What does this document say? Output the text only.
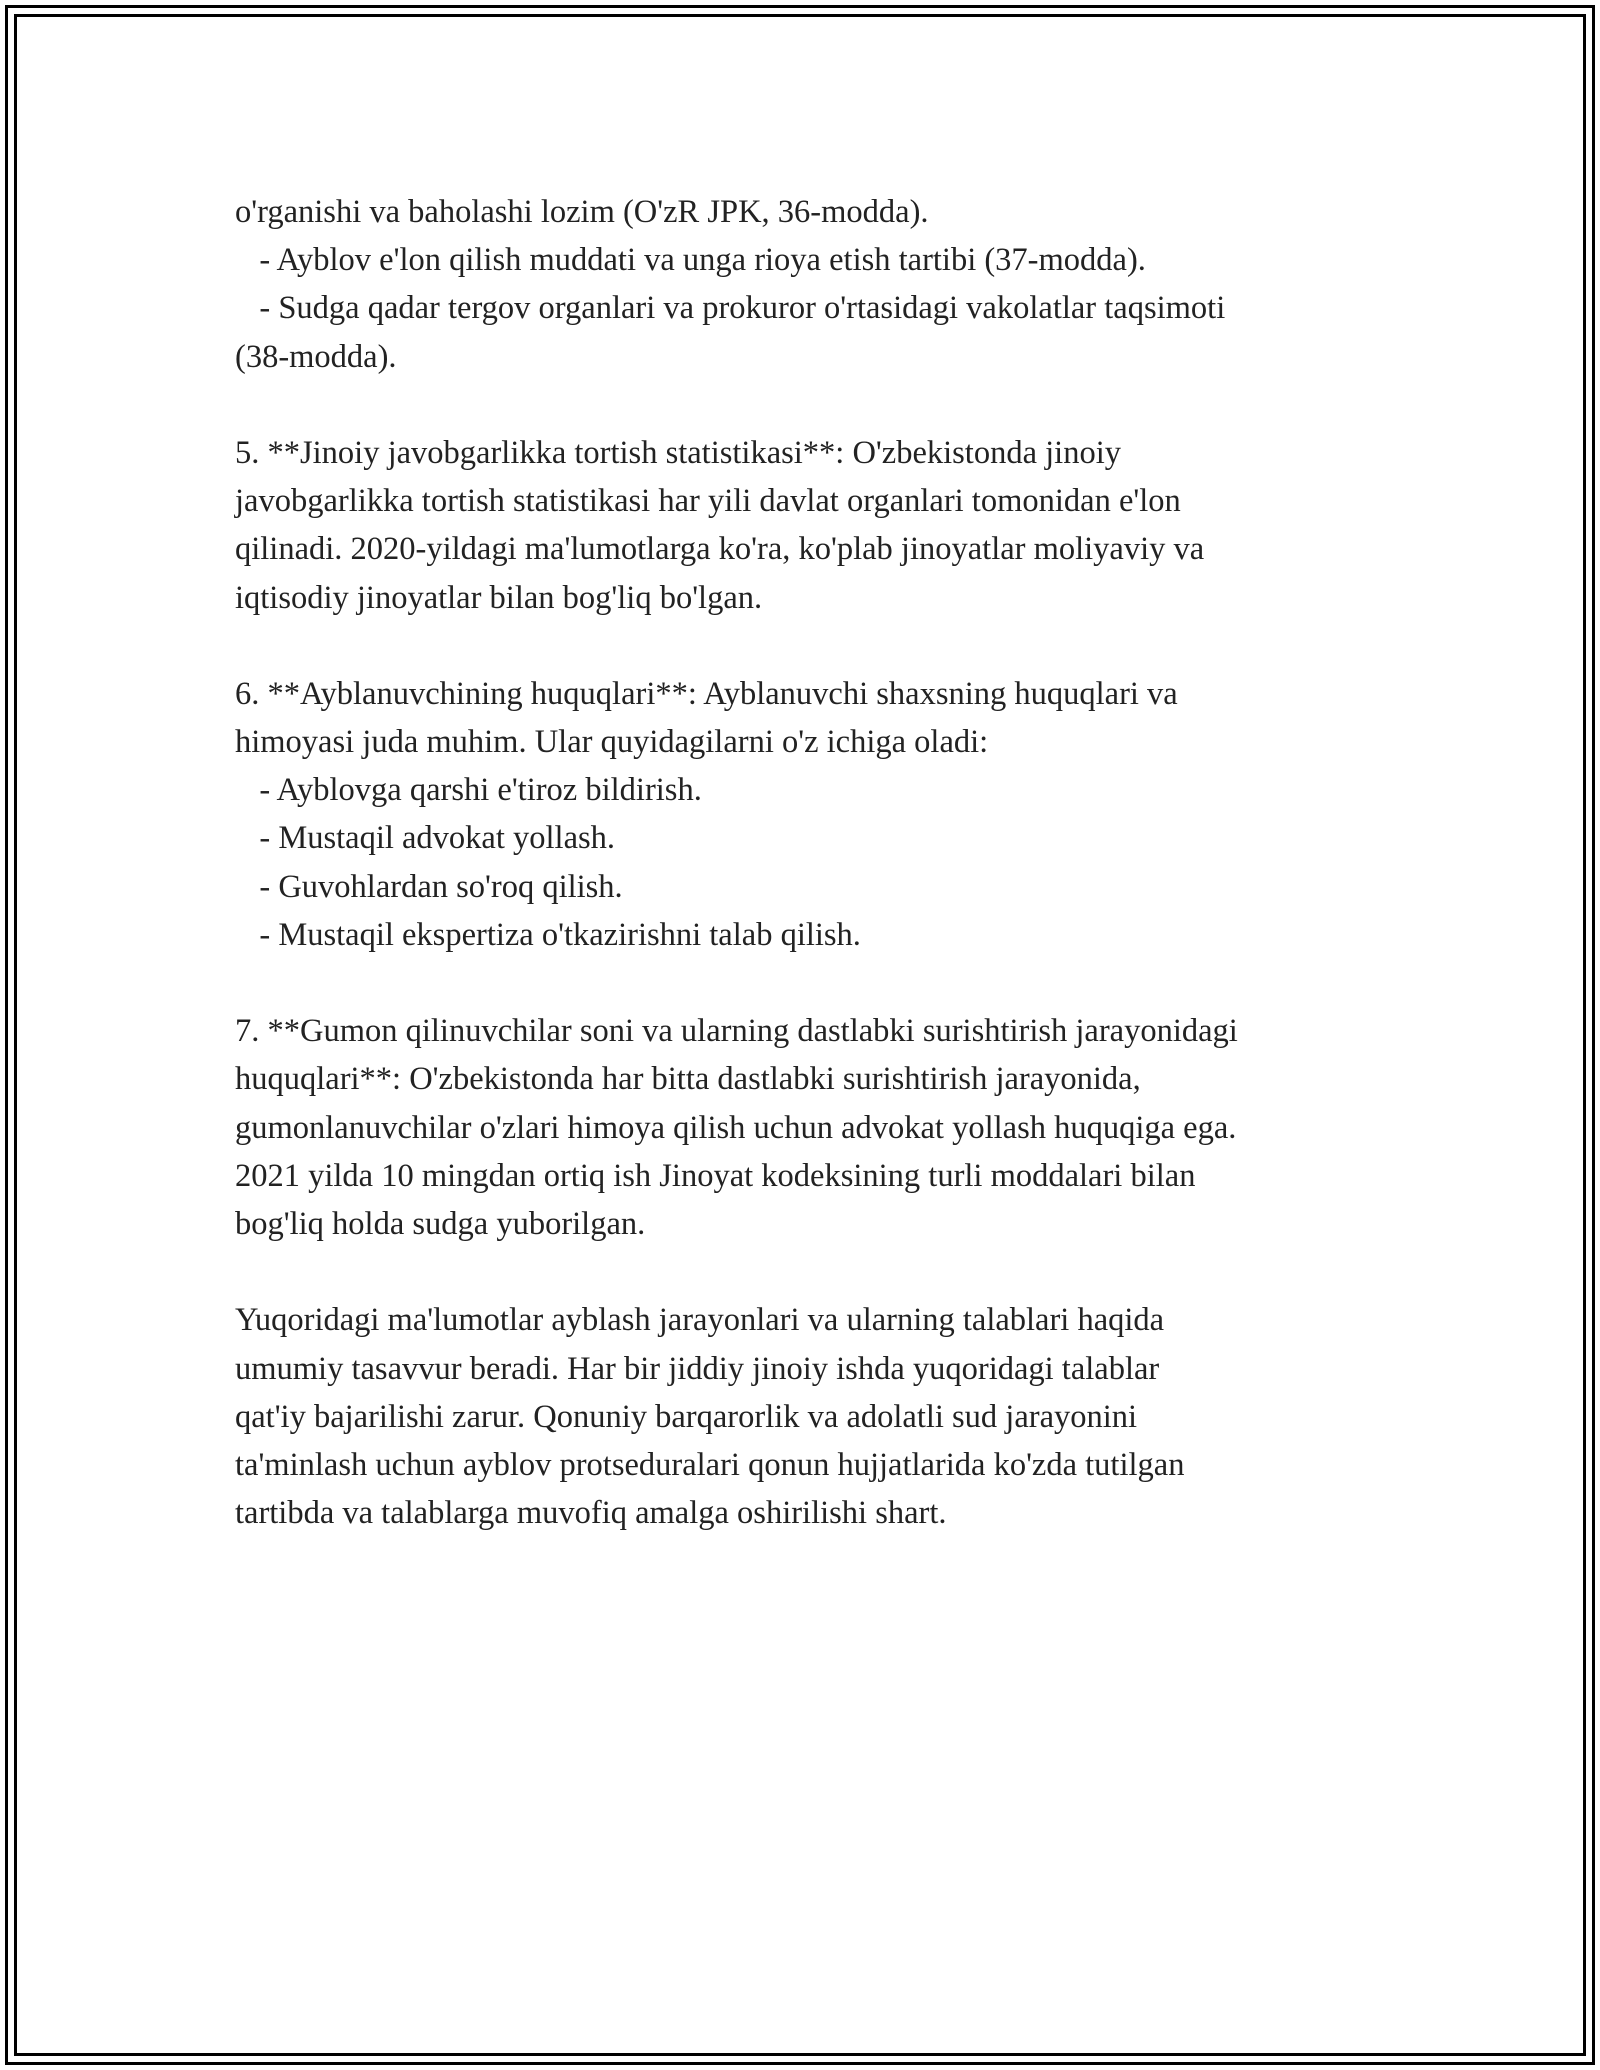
o'rganishi va baholashi lozim (O'zR JPK, 36-modda).
- Ayblov e'lon qilish muddati va unga rioya etish tartibi (37-modda).
- Sudga qadar tergov organlari va prokuror o'rtasidagi vakolatlar taqsimoti
(38-modda).
5. **Jinoiy javobgarlikka tortish statistikasi**: O'zbekistonda jinoiy
javobgarlikka tortish statistikasi har yili davlat organlari tomonidan e'lon
qilinadi. 2020-yildagi ma'lumotlarga ko'ra, ko'plab jinoyatlar moliyaviy va
iqtisodiy jinoyatlar bilan bog'liq bo'lgan.
6. **Ayblanuvchining huquqlari**: Ayblanuvchi shaxsning huquqlari va
himoyasi juda muhim. Ular quyidagilarni o'z ichiga oladi:
- Ayblovga qarshi e'tiroz bildirish.
- Mustaqil advokat yollash.
- Guvohlardan so'roq qilish.
- Mustaqil ekspertiza o'tkazirishni talab qilish.
7. **Gumon qilinuvchilar soni va ularning dastlabki surishtirish jarayonidagi
huquqlari**: O'zbekistonda har bitta dastlabki surishtirish jarayonida,
gumonlanuvchilar o'zlari himoya qilish uchun advokat yollash huquqiga ega.
2021 yilda 10 mingdan ortiq ish Jinoyat kodeksining turli moddalari bilan
bog'liq holda sudga yuborilgan.
Yuqoridagi ma'lumotlar ayblash jarayonlari va ularning talablari haqida
umumiy tasavvur beradi. Har bir jiddiy jinoiy ishda yuqoridagi talablar
qat'iy bajarilishi zarur. Qonuniy barqarorlik va adolatli sud jarayonini
ta'minlash uchun ayblov protseduralari qonun hujjatlarida ko'zda tutilgan
tartibda va talablarga muvofiq amalga oshirilishi shart.
